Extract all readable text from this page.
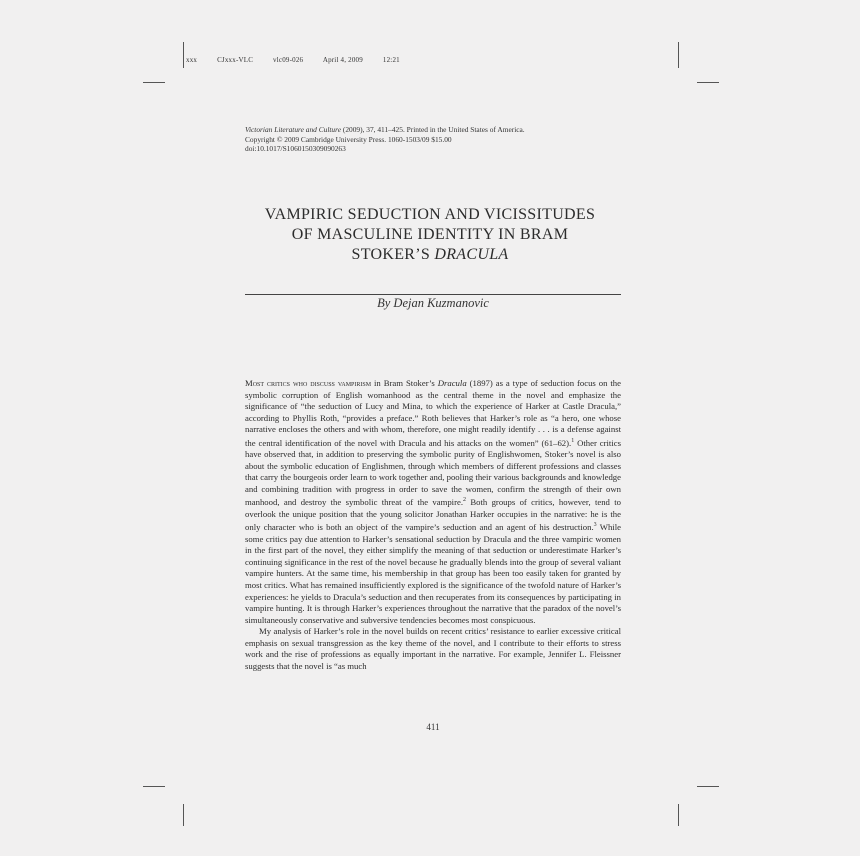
xxx	CJxxx-VLC	vlc09-026	April 4, 2009	12:21
Victorian Literature and Culture (2009), 37, 411–425. Printed in the United States of America.
Copyright © 2009 Cambridge University Press. 1060-1503/09 $15.00
doi:10.1017/S1060150309090263
VAMPIRIC SEDUCTION AND VICISSITUDES
OF MASCULINE IDENTITY IN BRAM
STOKER’S DRACULA
By Dejan Kuzmanovic

Most critics who discuss vampirism in Bram Stoker’s Dracula (1897) as a type of seduction focus on the symbolic corruption of English womanhood as the central theme in the novel and emphasize the significance of “the seduction of Lucy and Mina, to which the experience of Harker at Castle Dracula,” according to Phyllis Roth, “provides a preface.” Roth believes that Harker’s role as “a hero, one whose narrative encloses the others and with whom, therefore, one might readily identify . . . is a defense against the central identification of the novel with Dracula and his attacks on the women” (61–62).$^1$ Other critics have observed that, in addition to preserving the symbolic purity of Englishwomen, Stoker’s novel is also about the symbolic education of Englishmen, through which members of different professions and classes that carry the bourgeois order learn to work together and, pooling their various backgrounds and knowledge and combining tradition with progress in order to save the women, confirm the strength of their own manhood, and destroy the symbolic threat of the vampire.$^2$ Both groups of critics, however, tend to overlook the unique position that the young solicitor Jonathan Harker occupies in the narrative: he is the only character who is both an object of the vampire’s seduction and an agent of his destruction.$^3$ While some critics pay due attention to Harker’s sensational seduction by Dracula and the three vampiric women in the first part of the novel, they either simplify the meaning of that seduction or underestimate Harker’s continuing significance in the rest of the novel because he gradually blends into the group of several valiant vampire hunters. At the same time, his membership in that group has been too easily taken for granted by most critics. What has remained insufficiently explored is the significance of the twofold nature of Harker’s experiences: he yields to Dracula’s seduction and then recuperates from its consequences by participating in vampire hunting. It is through Harker’s experiences throughout the narrative that the paradox of the novel’s simultaneously conservative and subversive tendencies becomes most conspicuous.

My analysis of Harker’s role in the novel builds on recent critics’ resistance to earlier excessive critical emphasis on sexual transgression as the key theme of the novel, and I contribute to their efforts to stress work and the rise of professions as equally important in the narrative. For example, Jennifer L. Fleissner suggests that the novel is “as much

411
